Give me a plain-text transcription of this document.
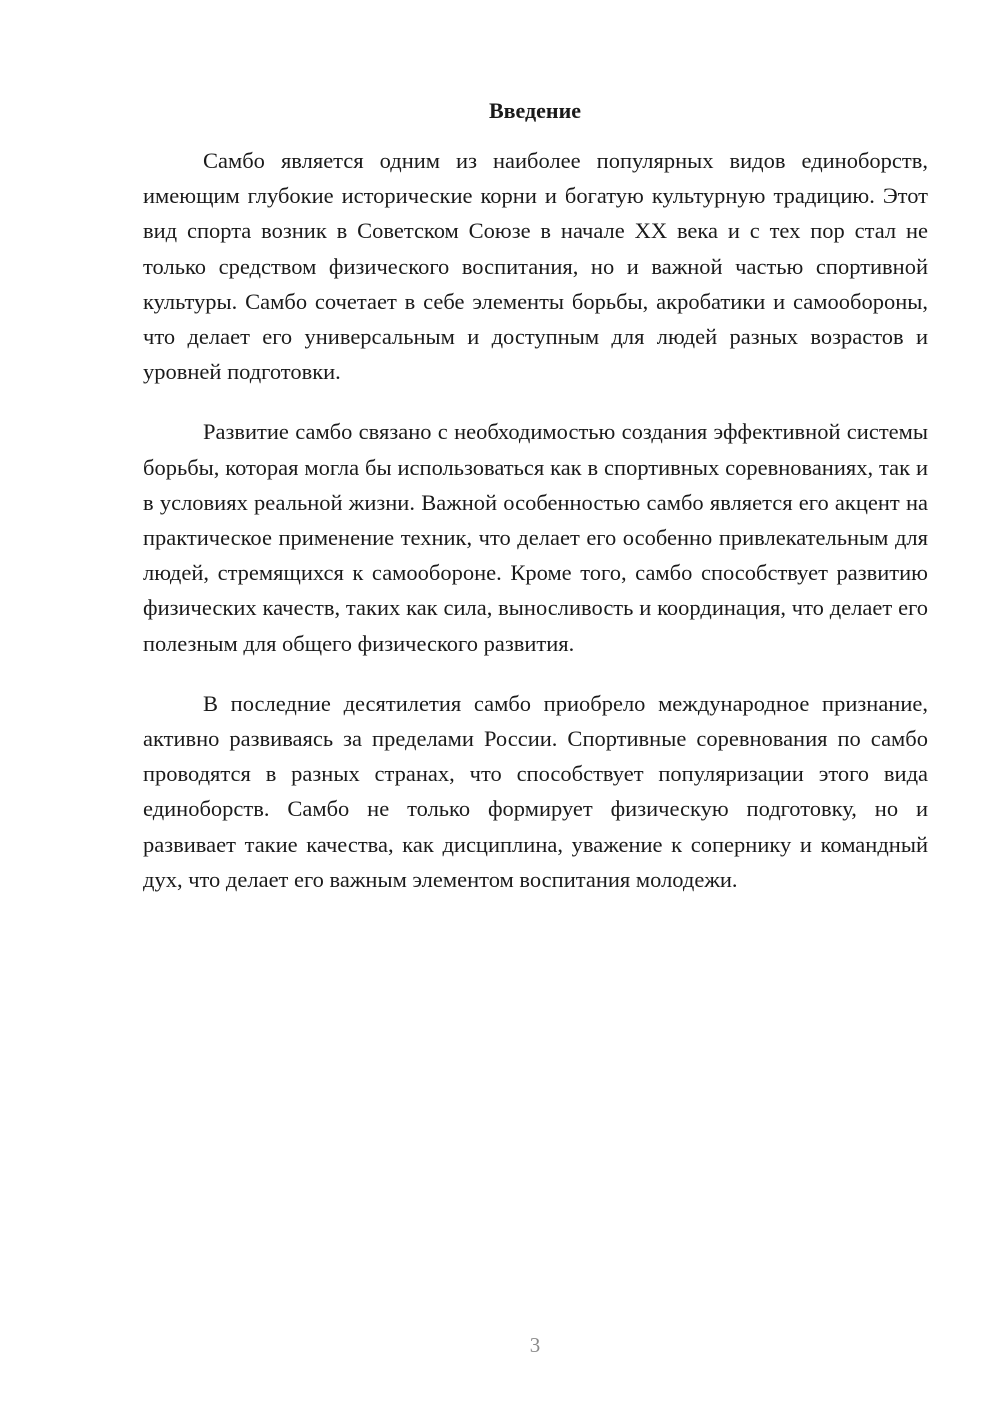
Введение

Самбо является одним из наиболее популярных видов единоборств, имеющим глубокие исторические корни и богатую культурную традицию. Этот вид спорта возник в Советском Союзе в начале XX века и с тех пор стал не только средством физического воспитания, но и важной частью спортивной культуры. Самбо сочетает в себе элементы борьбы, акробатики и самообороны, что делает его универсальным и доступным для людей разных возрастов и уровней подготовки.

Развитие самбо связано с необходимостью создания эффективной системы борьбы, которая могла бы использоваться как в спортивных соревнованиях, так и в условиях реальной жизни. Важной особенностью самбо является его акцент на практическое применение техник, что делает его особенно привлекательным для людей, стремящихся к самообороне. Кроме того, самбо способствует развитию физических качеств, таких как сила, выносливость и координация, что делает его полезным для общего физического развития.

В последние десятилетия самбо приобрело международное признание, активно развиваясь за пределами России. Спортивные соревнования по самбо проводятся в разных странах, что способствует популяризации этого вида единоборств. Самбо не только формирует физическую подготовку, но и развивает такие качества, как дисциплина, уважение к сопернику и командный дух, что делает его важным элементом воспитания молодежи.

3
